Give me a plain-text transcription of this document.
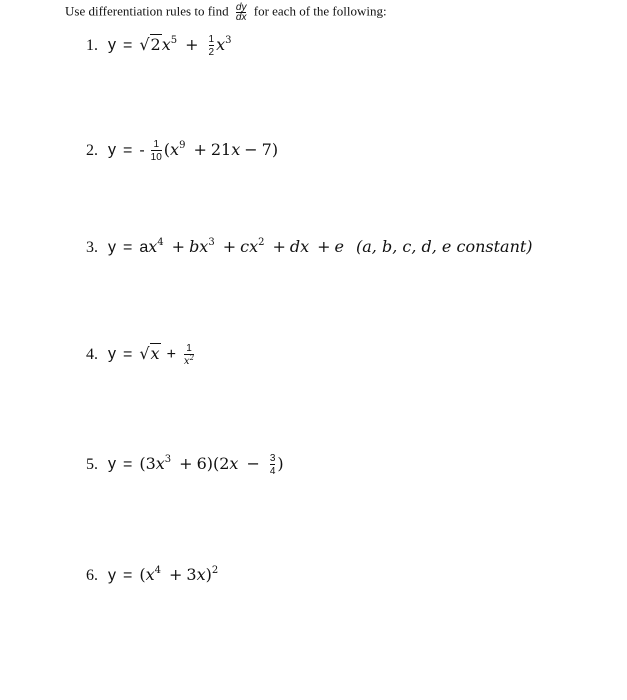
Use differentiation rules to find $\frac{dy}{dx}$ for each of the following:
1. $y = √2x^5 + \frac{1}{2} x^3$
2. y = - $\frac{1}{10} (x^9 + 21x - 7)$
3. $y = ax^4 + bx^3 + cx^2$ + dx + e (a, b, c, d, e constant)
4. $y = √x + \frac{1}{x^2}$
5. $y = (3x^3 + 6)(2x - \frac{3}{4}$ )
6. $y = (x^4 + 3x)^2$
